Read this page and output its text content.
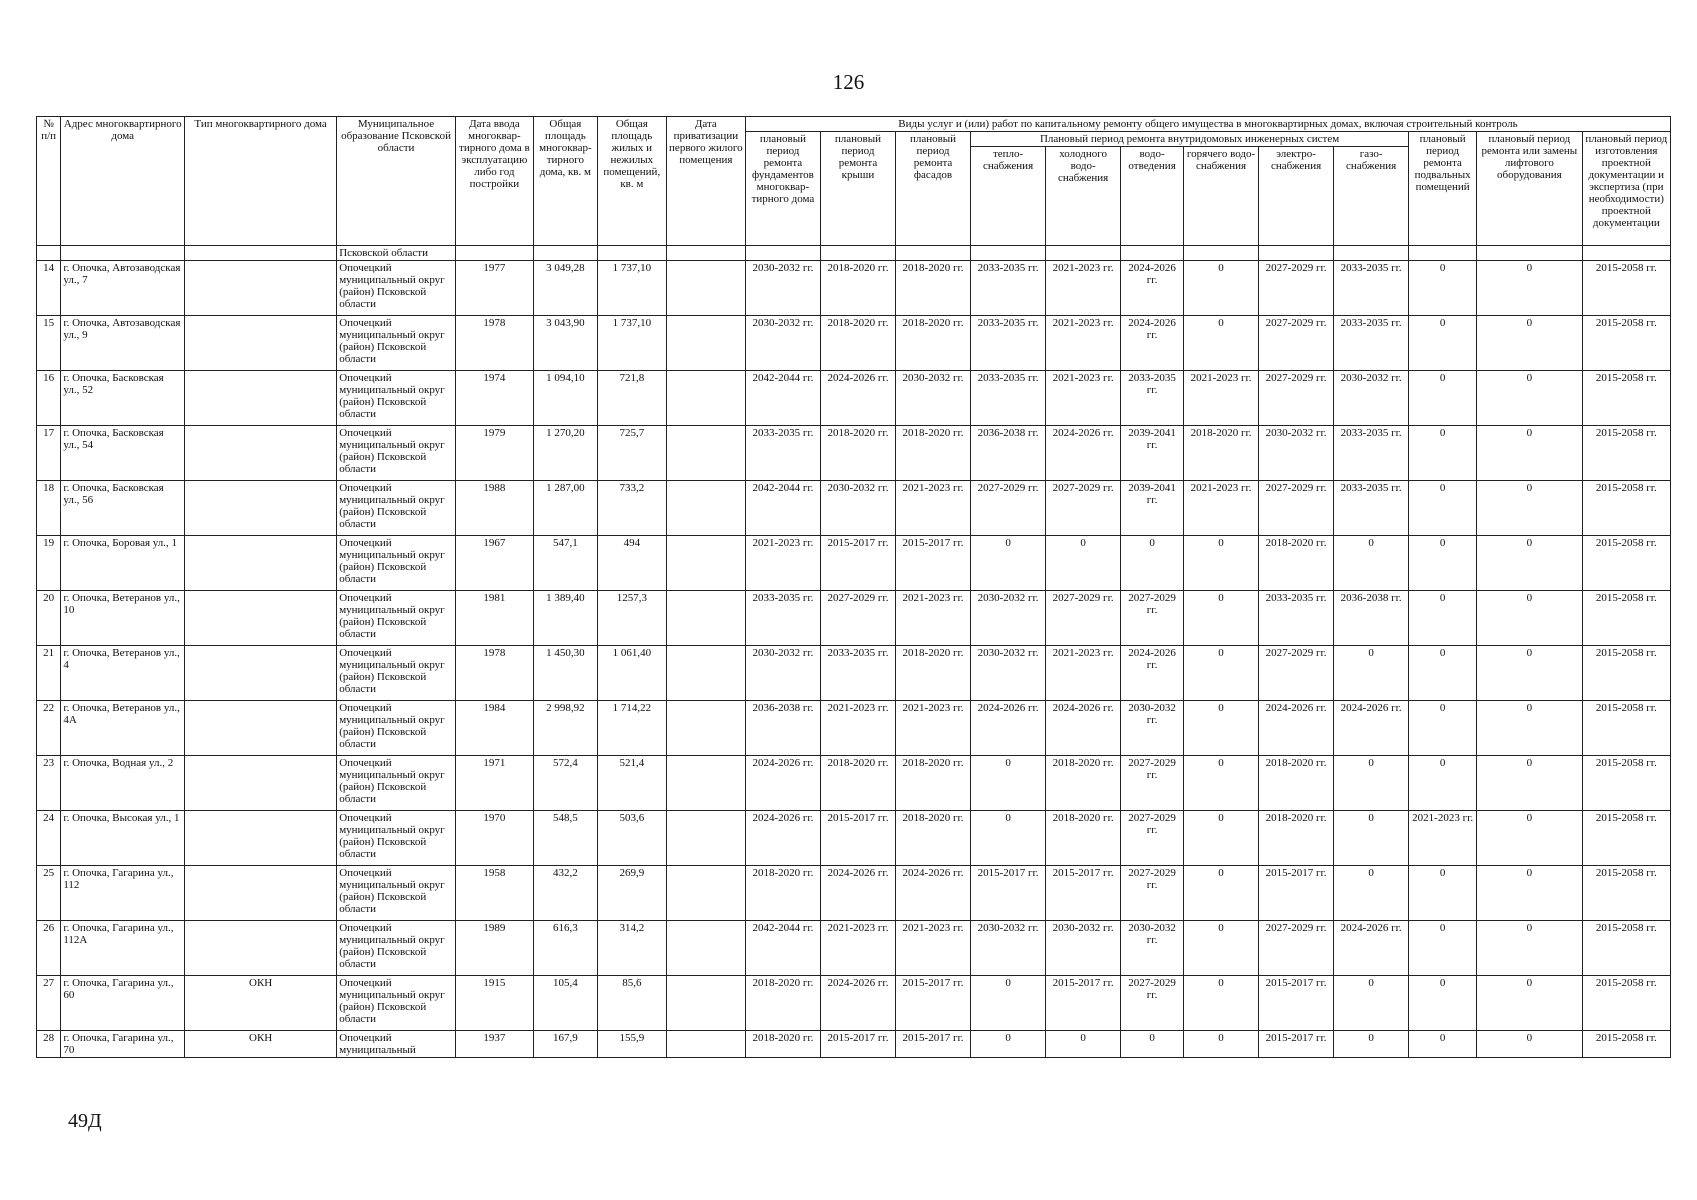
126
№ п/п	Адрес многоквартирного дома	Тип многоквартирного дома	Муниципальное образование Псковской области	Дата ввода многоквар-тирного дома в эксплуатацию либо год постройки	Общая площадь многоквар-тирного дома, кв. м	Общая площадь жилых и нежилых помещений, кв. м	Дата приватизации первого жилого помещения	Виды услуг и (или) работ по капитальному ремонту общего имущества в многоквартирных домах, включая строительный контроль											
								плановый период ремонта фундаментов многоквар-тирного дома	плановый период ремонта крыши	плановый период ремонта фасадов	Плановый период ремонта внутридомовых инженерных систем						плановый период ремонта подвальных помещений	плановый период ремонта или замены лифтового оборудования	плановый период изготовления проектной документации и экспертиза (при необходимости) проектной документации
											тепло-снабжения	холодного водо-снабжения	водо-отведения	горячего водо-снабжения	электро-снабжения	газо-снабжения			
			Псковской области																
14	г. Опочка, Автозаводская ул., 7		Опочецкий муниципальный округ (район) Псковской области	1977	3 049,28	1 737,10		2030-2032 гг.	2018-2020 гг.	2018-2020 гг.	2033-2035 гг.	2021-2023 гг.	2024-2026 гг.	0	2027-2029 гг.	2033-2035 гг.	0	0	2015-2058 гг.
15	г. Опочка, Автозаводская ул., 9		Опочецкий муниципальный округ (район) Псковской области	1978	3 043,90	1 737,10		2030-2032 гг.	2018-2020 гг.	2018-2020 гг.	2033-2035 гг.	2021-2023 гг.	2024-2026 гг.	0	2027-2029 гг.	2033-2035 гг.	0	0	2015-2058 гг.
16	г. Опочка, Басковская ул., 52		Опочецкий муниципальный округ (район) Псковской области	1974	1 094,10	721,8		2042-2044 гг.	2024-2026 гг.	2030-2032 гг.	2033-2035 гг.	2021-2023 гг.	2033-2035 гг.	2021-2023 гг.	2027-2029 гг.	2030-2032 гг.	0	0	2015-2058 гг.
17	г. Опочка, Басковская ул., 54		Опочецкий муниципальный округ (район) Псковской области	1979	1 270,20	725,7		2033-2035 гг.	2018-2020 гг.	2018-2020 гг.	2036-2038 гг.	2024-2026 гг.	2039-2041 гг.	2018-2020 гг.	2030-2032 гг.	2033-2035 гг.	0	0	2015-2058 гг.
18	г. Опочка, Басковская ул., 56		Опочецкий муниципальный округ (район) Псковской области	1988	1 287,00	733,2		2042-2044 гг.	2030-2032 гг.	2021-2023 гг.	2027-2029 гг.	2027-2029 гг.	2039-2041 гг.	2021-2023 гг.	2027-2029 гг.	2033-2035 гг.	0	0	2015-2058 гг.
19	г. Опочка, Боровая ул., 1		Опочецкий муниципальный округ (район) Псковской области	1967	547,1	494		2021-2023 гг.	2015-2017 гг.	2015-2017 гг.	0	0	0	0	2018-2020 гг.	0	0	0	2015-2058 гг.
20	г. Опочка, Ветеранов ул., 10		Опочецкий муниципальный округ (район) Псковской области	1981	1 389,40	1257,3		2033-2035 гг.	2027-2029 гг.	2021-2023 гг.	2030-2032 гг.	2027-2029 гг.	2027-2029 гг.	0	2033-2035 гг.	2036-2038 гг.	0	0	2015-2058 гг.
21	г. Опочка, Ветеранов ул., 4		Опочецкий муниципальный округ (район) Псковской области	1978	1 450,30	1 061,40		2030-2032 гг.	2033-2035 гг.	2018-2020 гг.	2030-2032 гг.	2021-2023 гг.	2024-2026 гг.	0	2027-2029 гг.	0	0	0	2015-2058 гг.
22	г. Опочка, Ветеранов ул., 4А		Опочецкий муниципальный округ (район) Псковской области	1984	2 998,92	1 714,22		2036-2038 гг.	2021-2023 гг.	2021-2023 гг.	2024-2026 гг.	2024-2026 гг.	2030-2032 гг.	0	2024-2026 гг.	2024-2026 гг.	0	0	2015-2058 гг.
23	г. Опочка, Водная ул., 2		Опочецкий муниципальный округ (район) Псковской области	1971	572,4	521,4		2024-2026 гг.	2018-2020 гг.	2018-2020 гг.	0	2018-2020 гг.	2027-2029 гг.	0	2018-2020 гг.	0	0	0	2015-2058 гг.
24	г. Опочка, Высокая ул., 1		Опочецкий муниципальный округ (район) Псковской области	1970	548,5	503,6		2024-2026 гг.	2015-2017 гг.	2018-2020 гг.	0	2018-2020 гг.	2027-2029 гг.	0	2018-2020 гг.	0	2021-2023 гг.	0	2015-2058 гг.
25	г. Опочка, Гагарина ул., 112		Опочецкий муниципальный округ (район) Псковской области	1958	432,2	269,9		2018-2020 гг.	2024-2026 гг.	2024-2026 гг.	2015-2017 гг.	2015-2017 гг.	2027-2029 гг.	0	2015-2017 гг.	0	0	0	2015-2058 гг.
26	г. Опочка, Гагарина ул., 112А		Опочецкий муниципальный округ (район) Псковской области	1989	616,3	314,2		2042-2044 гг.	2021-2023 гг.	2021-2023 гг.	2030-2032 гг.	2030-2032 гг.	2030-2032 гг.	0	2027-2029 гг.	2024-2026 гг.	0	0	2015-2058 гг.
27	г. Опочка, Гагарина ул., 60	ОКН	Опочецкий муниципальный округ (район) Псковской области	1915	105,4	85,6		2018-2020 гг.	2024-2026 гг.	2015-2017 гг.	0	2015-2017 гг.	2027-2029 гг.	0	2015-2017 гг.	0	0	0	2015-2058 гг.
28	г. Опочка, Гагарина ул., 70	ОКН	Опочецкий муниципальный	1937	167,9	155,9		2018-2020 гг.	2015-2017 гг.	2015-2017 гг.	0	0	0	0	2015-2017 гг.	0	0	0	2015-2058 гг.
49Д
